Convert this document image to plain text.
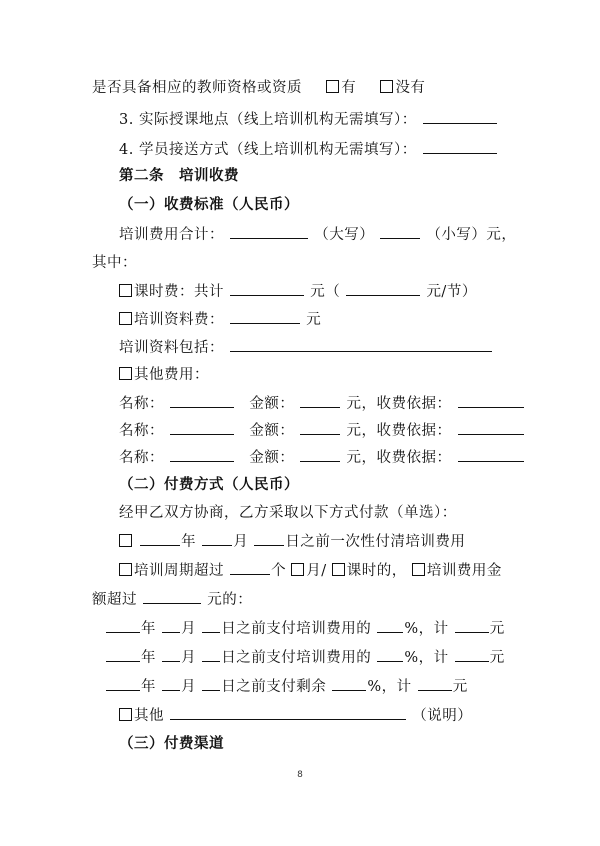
是否具备相应的教师资格或资质	有	没有
3. 实际授课地点（线上培训机构无需填写）：
4. 学员接送方式（线上培训机构无需填写）：
第二条　培训收费
（一）收费标准（人民币）
培训费用合计：	（大写）	（小写）元，
其中：
课时费：共计	元（	元/节）
培训资料费：	元
培训资料包括：
其他费用：
名称：	金额：	元，收费依据：
名称：	金额：	元，收费依据：
名称：	金额：	元，收费依据：
（二）付费方式（人民币）
经甲乙双方协商，乙方采取以下方式付款（单选）：
年	月	日之前一次性付清培训费用
培训周期超过	个 月/ 课时的， 培训费用金
额超过	元的：
年 月 日之前支付培训费用的 %，计	元
年 月 日之前支付培训费用的 %，计	元
年 月 日之前支付剩余	%，计	元
其他	（说明）
（三）付费渠道
8
